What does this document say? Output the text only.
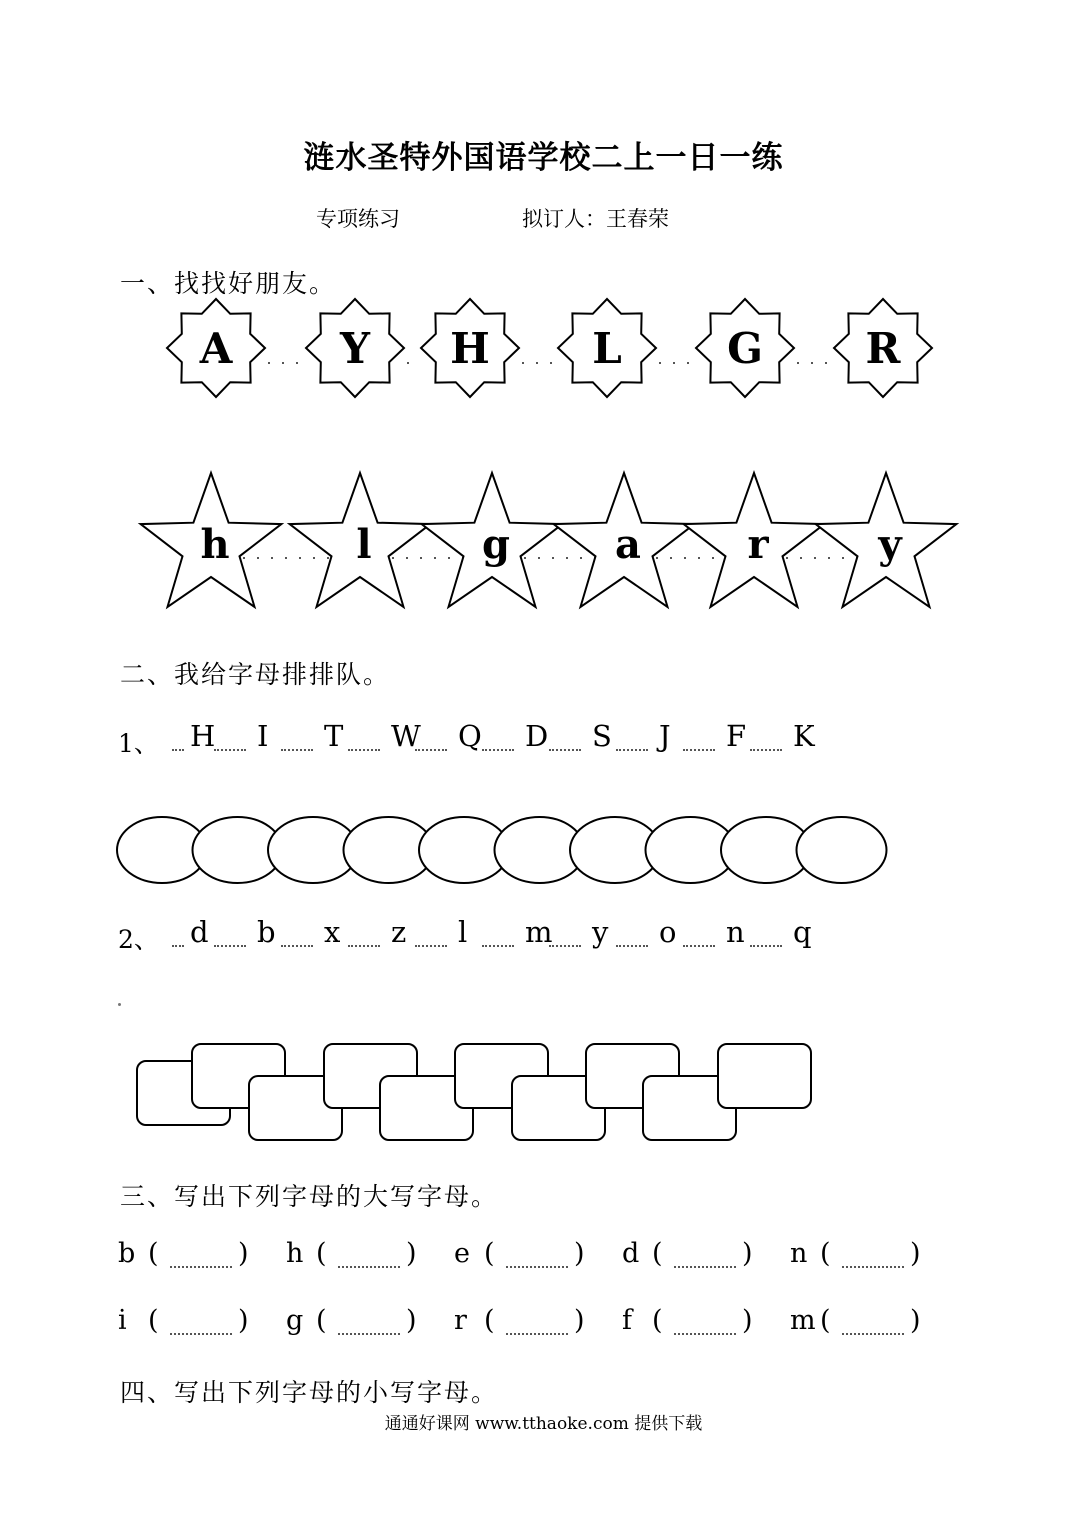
涟水圣特外国语学校二上一日一练
专项练习	拟订人：王春荣
一、找找好朋友。
A	Y H L	G R
h	l	g	a	r	y
二、我给字母排排队。
1、 H I T W Q D S J F K
2、 d b x z l m y o n q
三、写出下列字母的大写字母。
b (	) h (	) e (	) d (	) n (	)
i (	) g (	) r (	) f (	) m (	)
四、写出下列字母的小写字母。
通通好课网 www.tthaoke.com 提供下载
